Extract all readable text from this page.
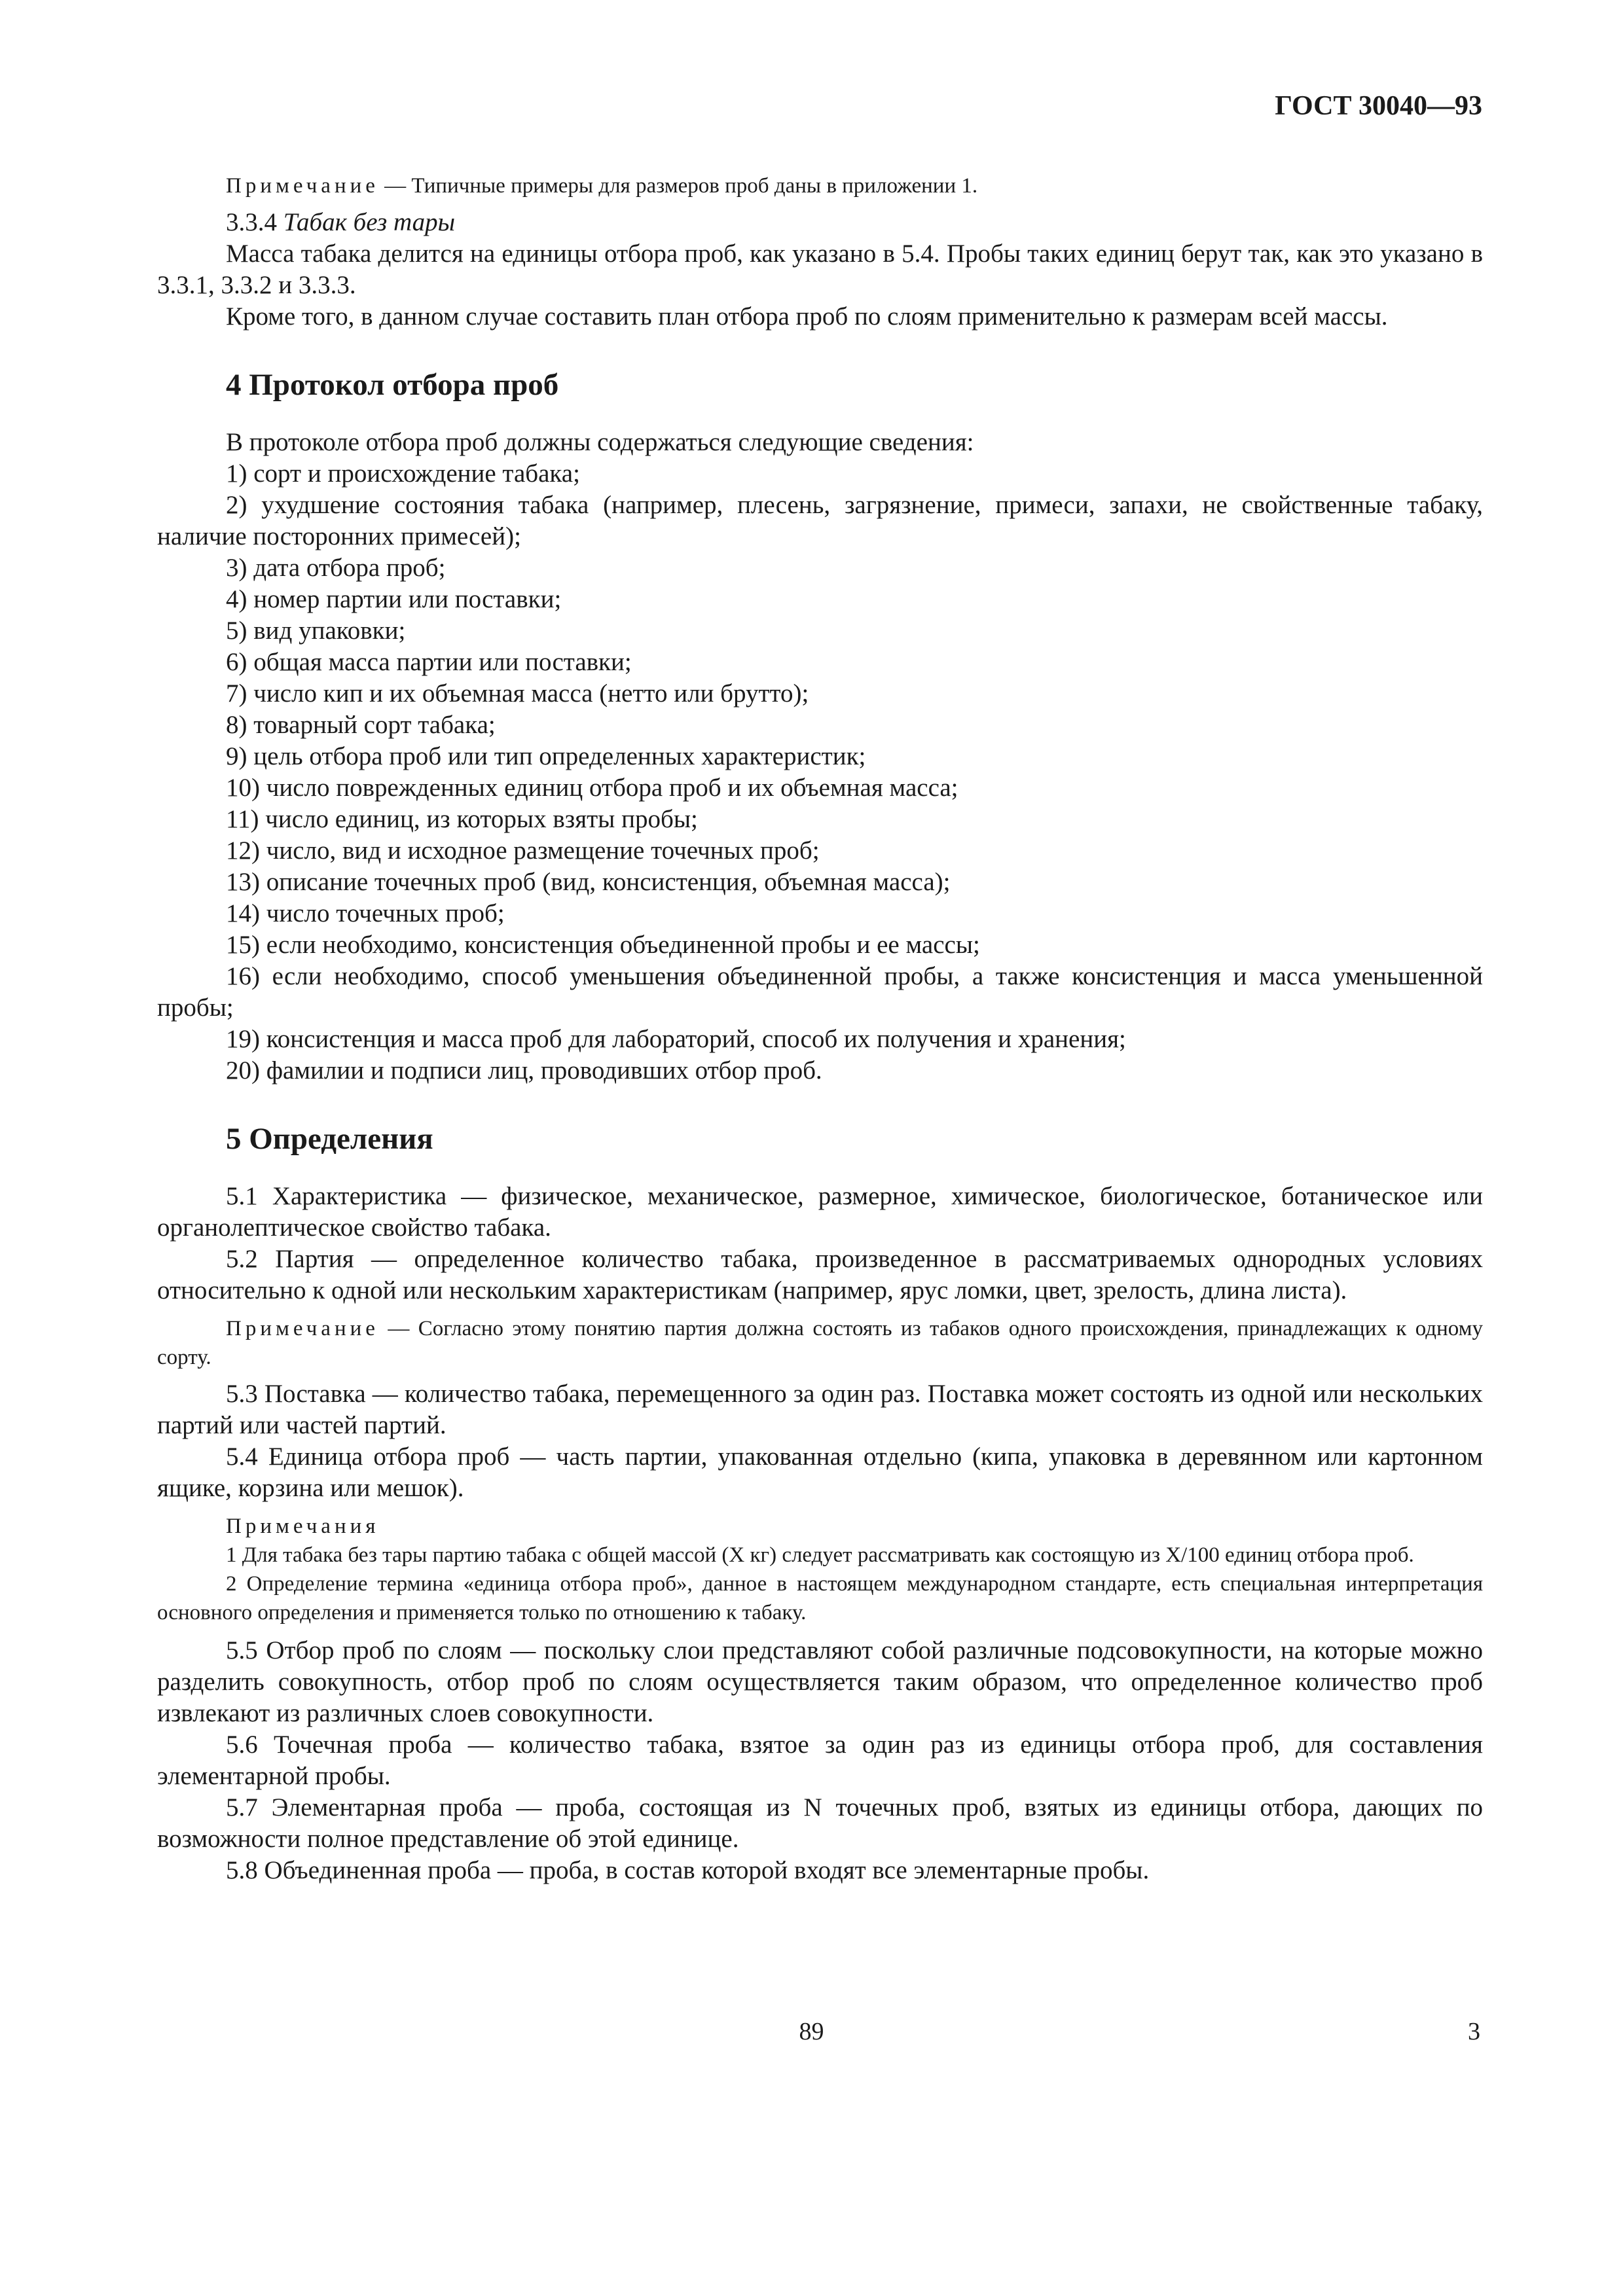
ГОСТ 30040—93

Примечание — Типичные примеры для размеров проб даны в приложении 1.

3.3.4 Табак без тары

Масса табака делится на единицы отбора проб, как указано в 5.4. Пробы таких единиц берут так, как это указано в 3.3.1, 3.3.2 и 3.3.3.

Кроме того, в данном случае составить план отбора проб по слоям применительно к размерам всей массы.

4 Протокол отбора проб

В протоколе отбора проб должны содержаться следующие сведения:

1) сорт и происхождение табака;

2) ухудшение состояния табака (например, плесень, загрязнение, примеси, запахи, не свойственные табаку, наличие посторонних примесей);

3) дата отбора проб;

4) номер партии или поставки;

5) вид упаковки;

6) общая масса партии или поставки;

7) число кип и их объемная масса (нетто или брутто);

8) товарный сорт табака;

9) цель отбора проб или тип определенных характеристик;

10) число поврежденных единиц отбора проб и их объемная масса;

11) число единиц, из которых взяты пробы;

12) число, вид и исходное размещение точечных проб;

13) описание точечных проб (вид, консистенция, объемная масса);

14) число точечных проб;

15) если необходимо, консистенция объединенной пробы и ее массы;

16) если необходимо, способ уменьшения объединенной пробы, а также консистенция и масса уменьшенной пробы;

19) консистенция и масса проб для лабораторий, способ их получения и хранения;

20) фамилии и подписи лиц, проводивших отбор проб.

5 Определения

5.1 Характеристика — физическое, механическое, размерное, химическое, биологическое, ботаническое или органолептическое свойство табака.

5.2 Партия — определенное количество табака, произведенное в рассматриваемых однородных условиях относительно к одной или нескольким характеристикам (например, ярус ломки, цвет, зрелость, длина листа).

Примечание — Согласно этому понятию партия должна состоять из табаков одного происхождения, принадлежащих к одному сорту.

5.3 Поставка — количество табака, перемещенного за один раз. Поставка может состоять из одной или нескольких партий или частей партий.

5.4 Единица отбора проб — часть партии, упакованная отдельно (кипа, упаковка в деревянном или картонном ящике, корзина или мешок).

Примечания

1 Для табака без тары партию табака с общей массой (X кг) следует рассматривать как состоящую из X/100 единиц отбора проб.

2 Определение термина «единица отбора проб», данное в настоящем международном стандарте, есть специальная интерпретация основного определения и применяется только по отношению к табаку.

5.5 Отбор проб по слоям — поскольку слои представляют собой различные подсовокупности, на которые можно разделить совокупность, отбор проб по слоям осуществляется таким образом, что определенное количество проб извлекают из различных слоев совокупности.

5.6 Точечная проба — количество табака, взятое за один раз из единицы отбора проб, для составления элементарной пробы.

5.7 Элементарная проба — проба, состоящая из N точечных проб, взятых из единицы отбора, дающих по возможности полное представление об этой единице.

5.8 Объединенная проба — проба, в состав которой входят все элементарные пробы.

89	3
